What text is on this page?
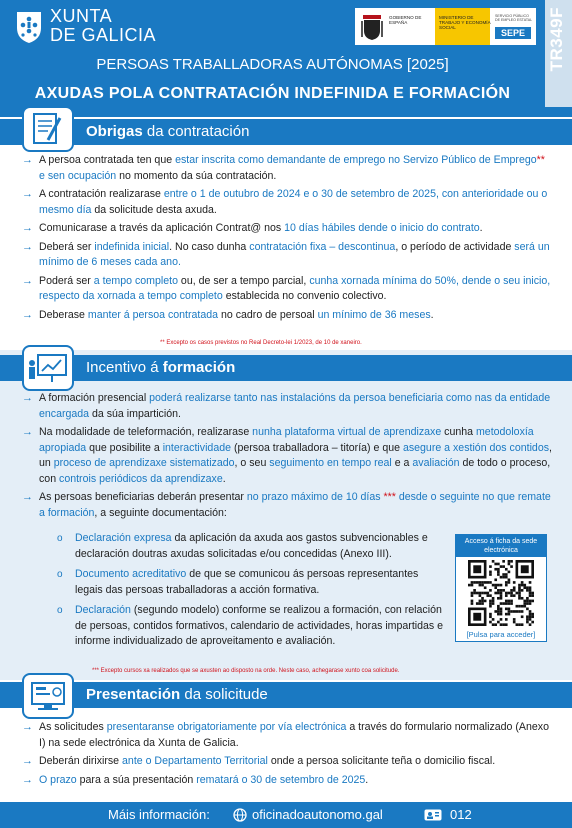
XUNTA
DE GALICIA
GOBIERNO DE ESPAÑA
MINISTERIO DE TRABAJO Y ECONOMÍA SOCIAL
SERVICIO PÚBLICO DE EMPLEO ESTATAL
SEPE	TR349F
PERSOAS TRABALLADORAS AUTÓNOMAS [2025]
AXUDAS POLA CONTRATACIÓN INDEFINIDA E FORMACIÓN
Obrigas da contratación
→ A persoa contratada ten que estar inscrita como demandante de emprego no Servizo Público de Emprego** e sen ocupación no momento da súa contratación.
→ A contratación realizarase entre o 1 de outubro de 2024 e o 30 de setembro de 2025, con anterioridade ou o mesmo día da solicitude desta axuda.
→ Comunicarase a través da aplicación Contrat@ nos 10 días hábiles dende o inicio do contrato.
→ Deberá ser indefinida inicial. No caso dunha contratación fixa – descontinua, o período de actividade será un mínimo de 6 meses cada ano.
→ Poderá ser a tempo completo ou, de ser a tempo parcial, cunha xornada mínima do 50%, dende o seu inicio, respecto da xornada a tempo completo establecida no convenio colectivo.
→ Deberase manter á persoa contratada no cadro de persoal un mínimo de 36 meses.
** Excepto os casos previstos no Real Decreto-lei 1/2023, de 10 de xaneiro.
Incentivo á formación
→ A formación presencial poderá realizarse tanto nas instalacións da persoa beneficiaria como nas da entidade encargada da súa impartición.
→ Na modalidade de teleformación, realizarase nunha plataforma virtual de aprendizaxe cunha metodoloxía apropiada que posibilite a interactividade (persoa traballadora – titoría) e que asegure a xestión dos contidos, un proceso de aprendizaxe sistematizado, o seu seguimento en tempo real e a avaliación de todo o proceso, con controis periódicos da aprendizaxe.
→ As persoas beneficiarias deberán presentar no prazo máximo de 10 días *** desde o seguinte no que remate a formación, a seguinte documentación:
o Declaración expresa da aplicación da axuda aos gastos subvencionables e declaración doutras axudas solicitadas e/ou concedidas (Anexo III).
o Documento acreditativo de que se comunicou ás persoas representantes legais das persoas traballadoras a acción formativa.
o Declaración (segundo modelo) conforme se realizou a formación, con relación de persoas, contidos formativos, calendario de actividades, horas impartidas e informe individualizado de aproveitamento e avaliación.
*** Excepto cursos xa realizados que se axusten ao disposto na orde. Neste caso, achegarase xunto coa solicitude.
Acceso á ficha da sede electrónica
[Pulsa para acceder]
Presentación da solicitude
→ As solicitudes presentaranse obrigatoriamente por vía electrónica a través do formulario normalizado (Anexo I) na sede electrónica da Xunta de Galicia.
→ Deberán dirixirse ante o Departamento Territorial onde a persoa solicitante teña o domicilio fiscal.
→ O prazo para a súa presentación rematará o 30 de setembro de 2025.
Máis información:	oficinadoautonomo.gal	012
